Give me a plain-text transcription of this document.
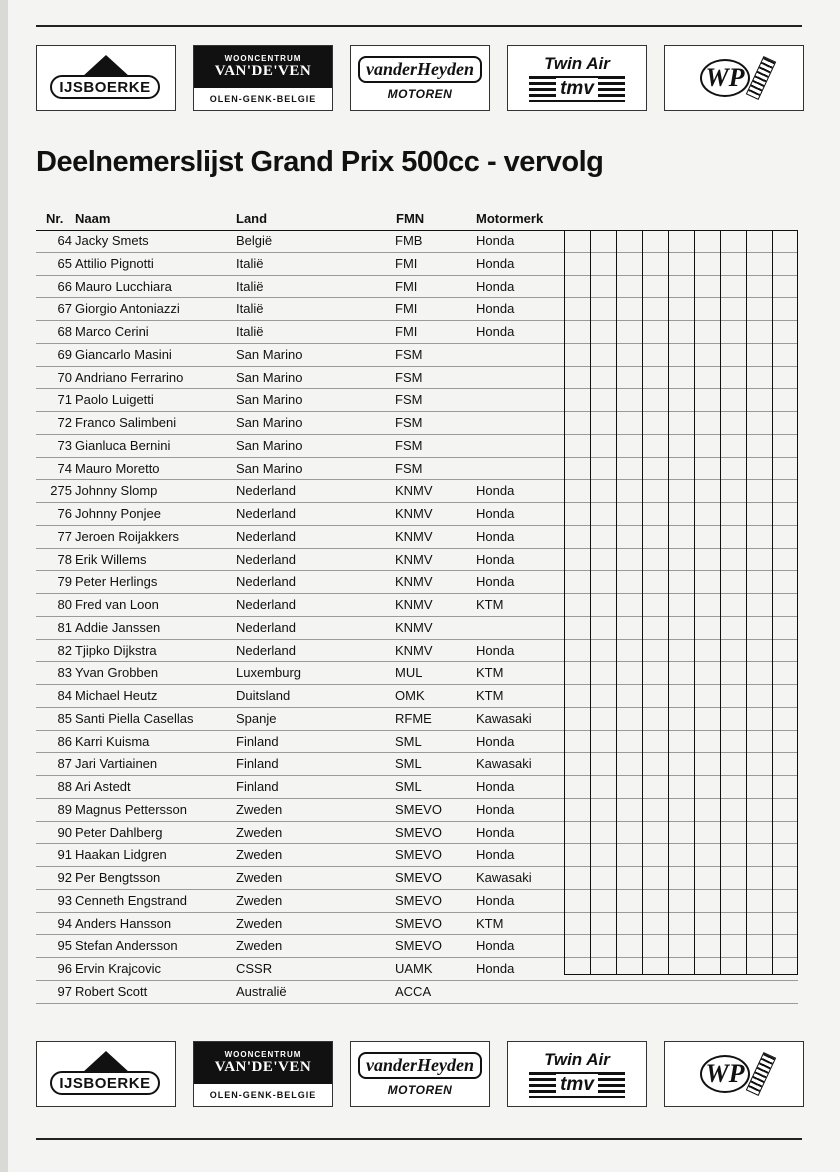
IJSBOERKE
WOONCENTRUM
VAN'DE'VEN
OLEN-GENK-BELGIE
vanderHeyden
MOTOREN
Twin Air
tmv	WP
Deelnemerslijst Grand Prix 500cc - vervolg
Nr. Naam	Land	FMN	Motormerk
64 Jacky Smets	België	FMB	Honda
65 Attilio Pignotti	Italië	FMI	Honda
66 Mauro Lucchiara	Italië	FMI	Honda
67 Giorgio Antoniazzi	Italië	FMI	Honda
68 Marco Cerini	Italië	FMI	Honda
69 Giancarlo Masini	San Marino	FSM
70 Andriano Ferrarino	San Marino	FSM
71 Paolo Luigetti	San Marino	FSM
72 Franco Salimbeni	San Marino	FSM
73 Gianluca Bernini	San Marino	FSM
74 Mauro Moretto	San Marino	FSM
275 Johnny Slomp	Nederland	KNMV	Honda
76 Johnny Ponjee	Nederland	KNMV	Honda
77 Jeroen Roijakkers	Nederland	KNMV	Honda
78 Erik Willems	Nederland	KNMV	Honda
79 Peter Herlings	Nederland	KNMV	Honda
80 Fred van Loon	Nederland	KNMV	KTM
81 Addie Janssen	Nederland	KNMV
82 Tjipko Dijkstra	Nederland	KNMV	Honda
83 Yvan Grobben	Luxemburg	MUL	KTM
84 Michael Heutz	Duitsland	OMK	KTM
85 Santi Piella Casellas	Spanje	RFME	Kawasaki
86 Karri Kuisma	Finland	SML	Honda
87 Jari Vartiainen	Finland	SML	Kawasaki
88 Ari Astedt	Finland	SML	Honda
89 Magnus Pettersson	Zweden	SMEVO	Honda
90 Peter Dahlberg	Zweden	SMEVO	Honda
91 Haakan Lidgren	Zweden	SMEVO	Honda
92 Per Bengtsson	Zweden	SMEVO	Kawasaki
93 Cenneth Engstrand	Zweden	SMEVO	Honda
94 Anders Hansson	Zweden	SMEVO	KTM
95 Stefan Andersson	Zweden	SMEVO	Honda
96 Ervin Krajcovic	CSSR	UAMK	Honda
97 Robert Scott	Australië	ACCA
IJSBOERKE
WOONCENTRUM
VAN'DE'VEN
OLEN-GENK-BELGIE
vanderHeyden
MOTOREN
Twin Air
tmv	WP
